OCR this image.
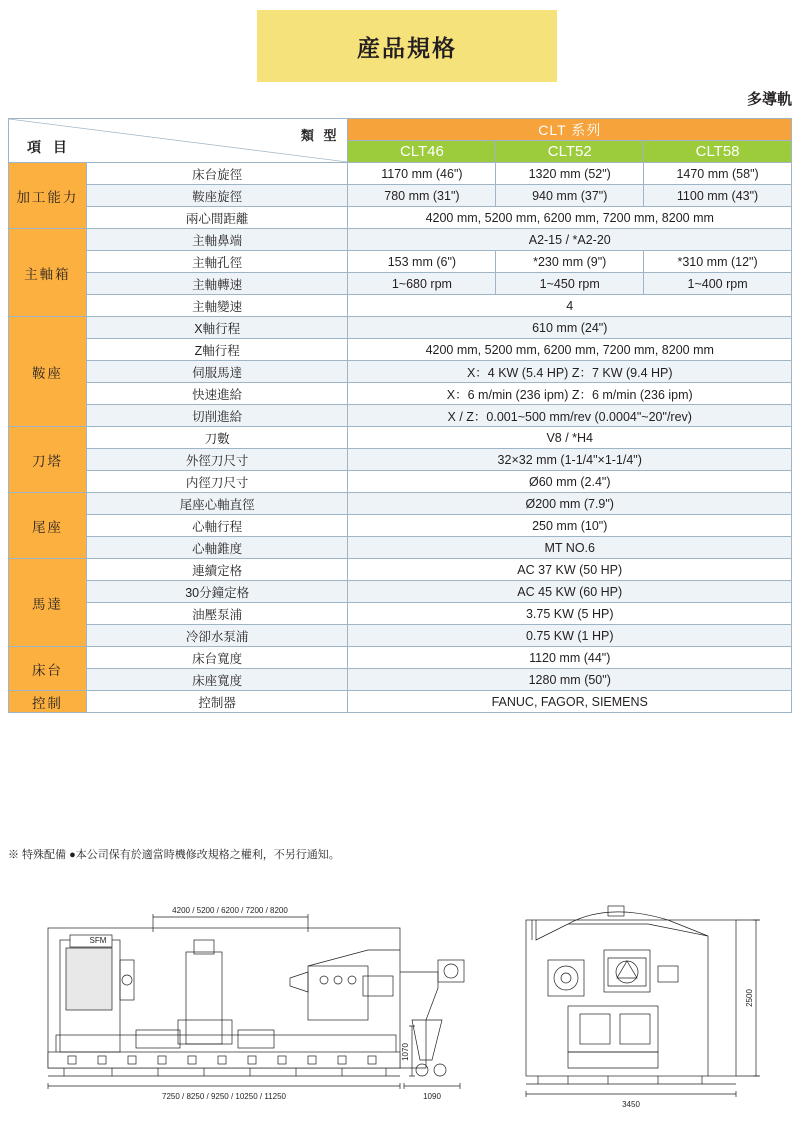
産品規格
多導軌
類 型
項 目		CLT 系列		
		CLT46	CLT52	CLT58
加工能力	床台旋徑	1170 mm (46")	1320 mm (52")	1470 mm (58")
	鞍座旋徑	780 mm (31")	940 mm (37")	1100 mm (43")
	兩心間距離	4200 mm, 5200 mm, 6200 mm, 7200 mm, 8200 mm		
主軸箱	主軸鼻端	A2-15 / *A2-20		
	主軸孔徑	153 mm (6")	*230 mm (9")	*310 mm (12")
	主軸轉速	1~680 rpm	1~450 rpm	1~400 rpm
	主軸變速	4		
鞍座	X軸行程	610 mm (24")		
	Z軸行程	4200 mm, 5200 mm, 6200 mm, 7200 mm, 8200 mm		
	伺服馬達	X：4 KW (5.4 HP) Z：7 KW (9.4 HP)		
	快速進給	X：6 m/min (236 ipm) Z：6 m/min (236 ipm)		
	切削進給	X / Z：0.001~500 mm/rev (0.0004"~20"/rev)		
刀塔	刀數	V8 / *H4		
	外徑刀尺寸	32×32 mm (1-1/4"×1-1/4")		
	内徑刀尺寸	Ø60 mm (2.4")		
尾座	尾座心軸直徑	Ø200 mm (7.9")		
	心軸行程	250 mm (10")		
	心軸錐度	MT NO.6		
馬達	連續定格	AC 37 KW (50 HP)		
	30分鐘定格	AC 45 KW (60 HP)		
	油壓泵浦	3.75 KW (5 HP)		
	冷卻水泵浦	0.75 KW (1 HP)		
床台	床台寬度	1120 mm (44")		
	床座寬度	1280 mm (50")		
控制	控制器	FANUC, FAGOR, SIEMENS		
※ 特殊配備 ●本公司保有於適當時機修改規格之權利，不另行通知。
4200 / 5200 / 6200 / 7200 / 8200
7250 / 8250 / 9250 / 10250 / 11250	1090
1070
SFM
2500
3450
